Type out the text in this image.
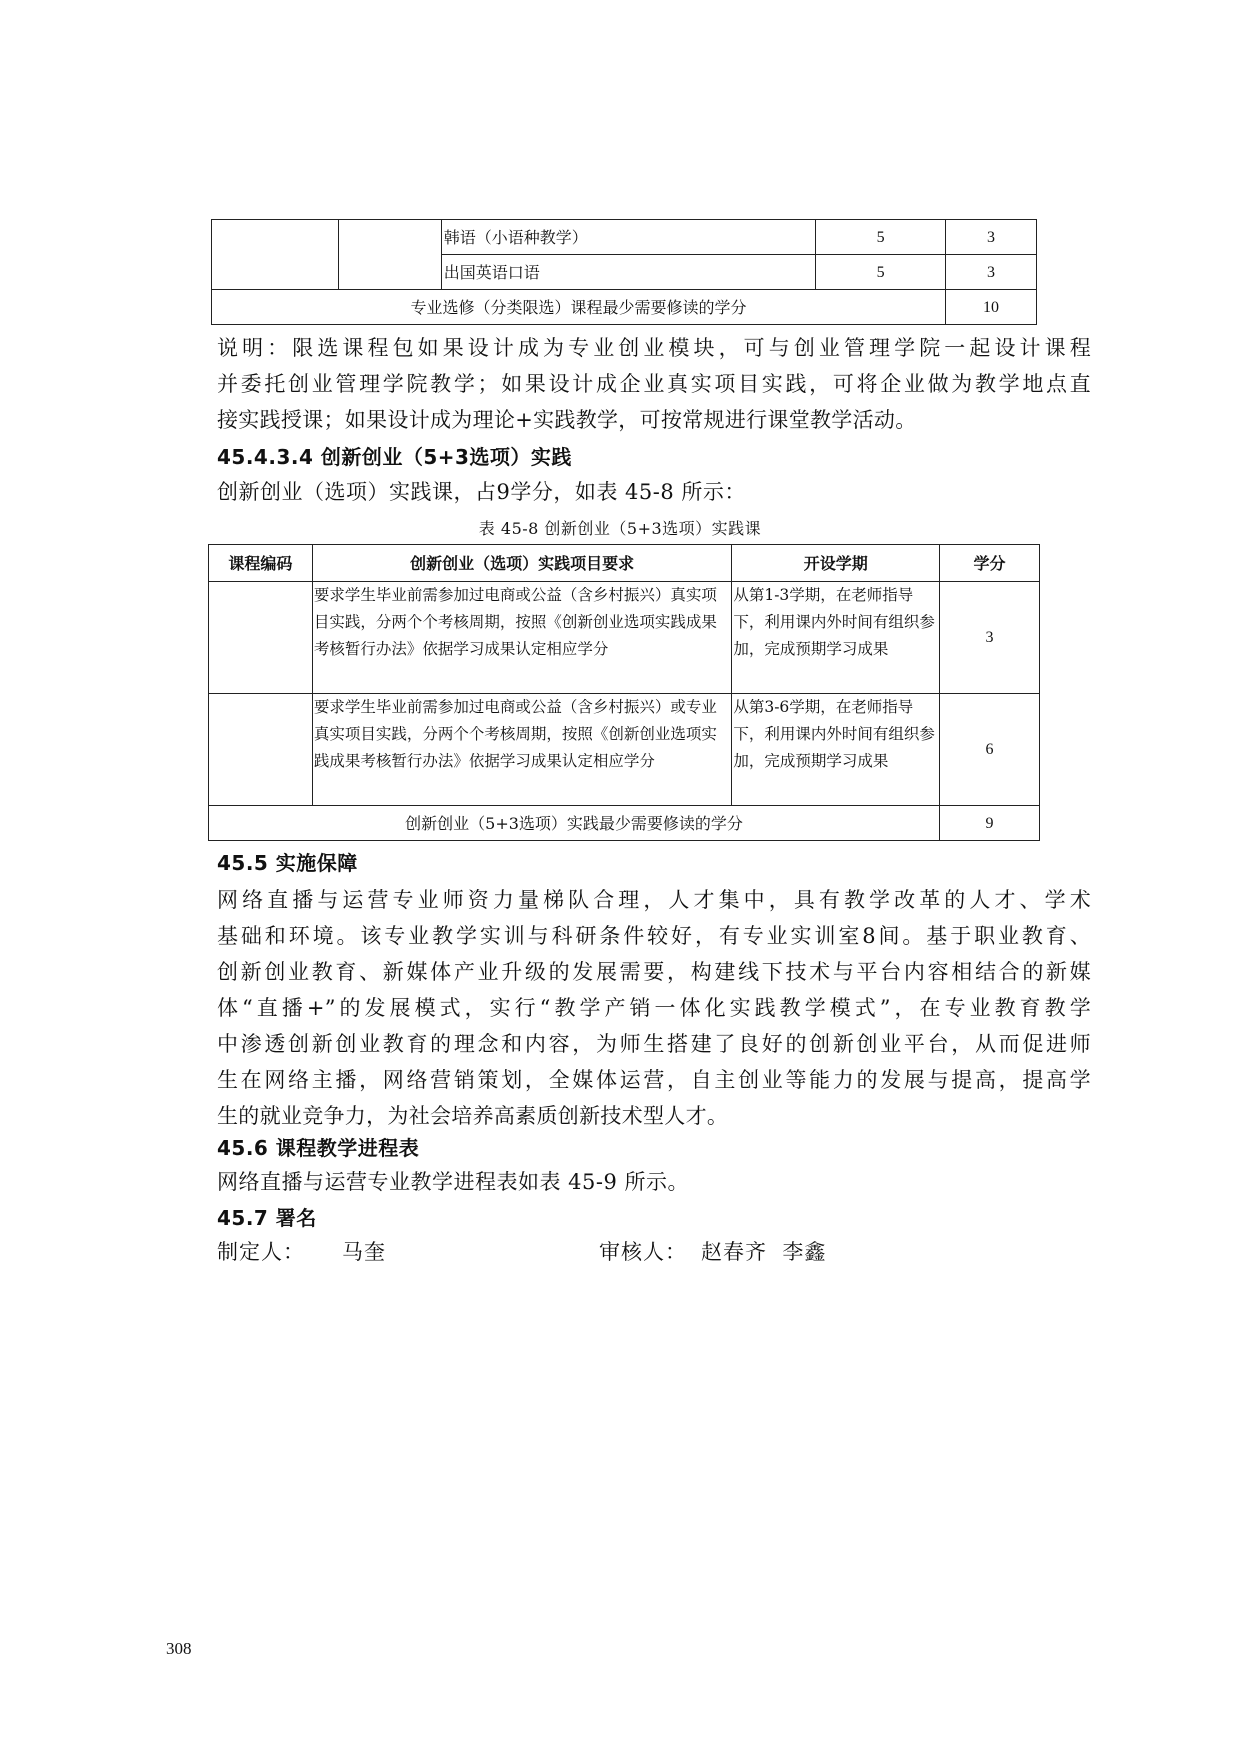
		韩语（小语种教学）	5	3
		出国英语口语	5	3
专业选修（分类限选）课程最少需要修读的学分				10
说明：限选课程包如果设计成为专业创业模块，可与创业管理学院一起设计课程
并委托创业管理学院教学；如果设计成企业真实项目实践，可将企业做为教学地点直
接实践授课；如果设计成为理论+实践教学，可按常规进行课堂教学活动。
45.4.3.4 创新创业（5+3选项）实践
创新创业（选项）实践课，占9学分，如表 45-8 所示：
表 45-8 创新创业（5+3选项）实践课
课程编码	创新创业（选项）实践项目要求	开设学期	学分
	要求学生毕业前需参加过电商或公益（含乡村振兴）真实项目实践，分两个个考核周期，按照《创新创业选项实践成果考核暂行办法》依据学习成果认定相应学分	从第1-3学期，在老师指导下，利用课内外时间有组织参加，完成预期学习成果	3
	要求学生毕业前需参加过电商或公益（含乡村振兴）或专业真实项目实践，分两个个考核周期，按照《创新创业选项实践成果考核暂行办法》依据学习成果认定相应学分	从第3-6学期，在老师指导下，利用课内外时间有组织参加，完成预期学习成果	6
创新创业（5+3选项）实践最少需要修读的学分			9
45.5 实施保障
网络直播与运营专业师资力量梯队合理，人才集中，具有教学改革的人才、学术
基础和环境。该专业教学实训与科研条件较好，有专业实训室8间。基于职业教育、
创新创业教育、新媒体产业升级的发展需要，构建线下技术与平台内容相结合的新媒
体“直播+”的发展模式，实行“教学产销一体化实践教学模式”，在专业教育教学
中渗透创新创业教育的理念和内容，为师生搭建了良好的创新创业平台，从而促进师
生在网络主播，网络营销策划，全媒体运营，自主创业等能力的发展与提高，提高学
生的就业竞争力，为社会培养高素质创新技术型人才。
45.6 课程教学进程表
网络直播与运营专业教学进程表如表 45-9 所示。
45.7 署名
制定人： 马奎	审核人： 赵春齐  李鑫
308
